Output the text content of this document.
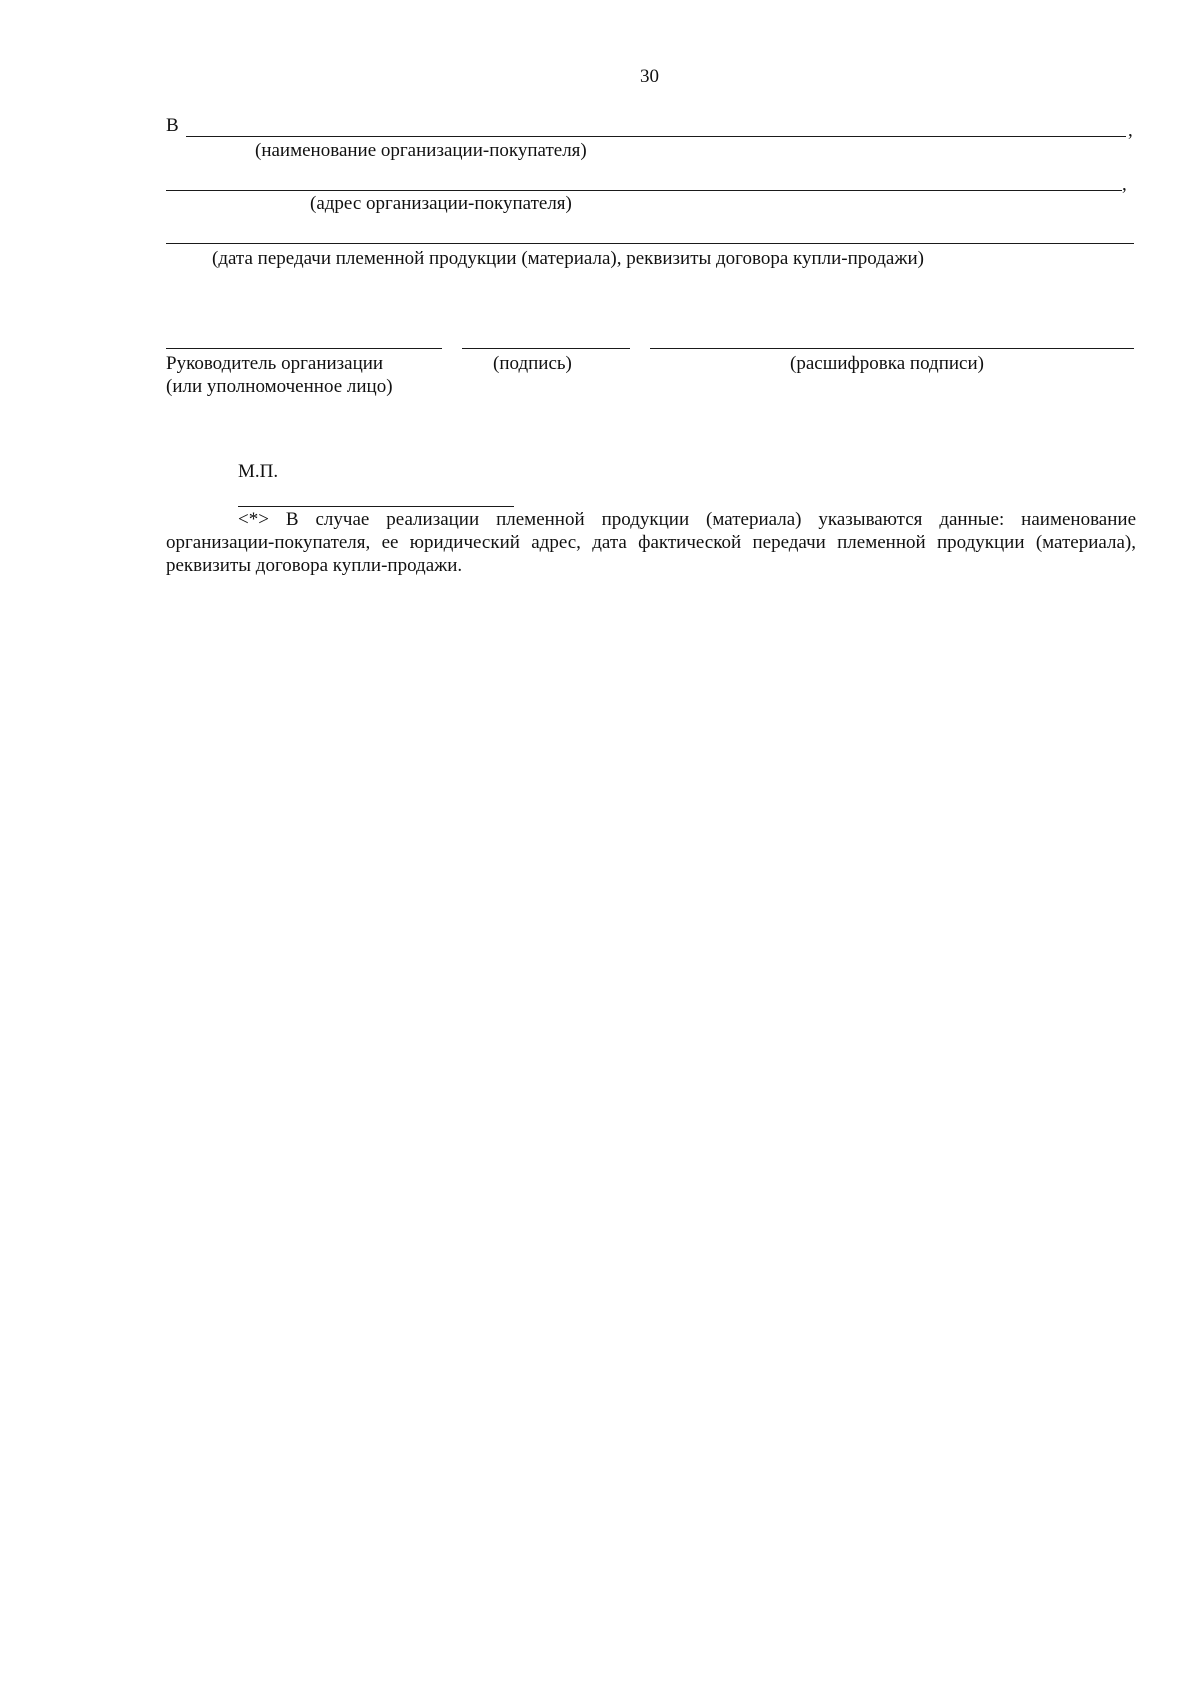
30
В	,
(наименование организации-покупателя)
,
(адрес организации-покупателя)
(дата передачи племенной продукции (материала), реквизиты договора купли-продажи)
Руководитель организации
(или уполномоченное лицо)
(подпись)	(расшифровка подписи)
М.П.
<*> В случае реализации племенной продукции (материала) указываются данные: наименование организации-покупателя, ее юридический адрес, дата фактической передачи племенной продукции (материала), реквизиты договора купли-продажи.
